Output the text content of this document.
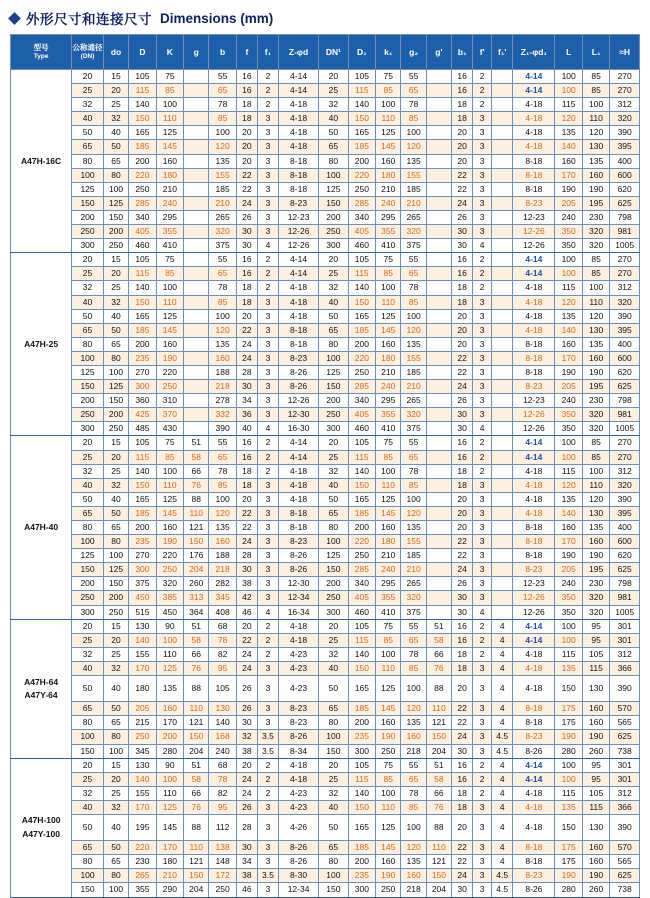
外形尺寸和连接尺寸 Dimensions (mm)
型号
Type	公称通径
(DN)	do	D	K	g	b	f	f₁	Z-φd	DN¹	D₁	k₁	g₂	g'	b₁	f'	f₁'	Z₁-φd₁	L	L₁	≈H
	20	15	105	75		55	16	2	4-14	20	105	75	55		16	2		4-14	100	85	270
	25	20	115	85		65	16	2	4-14	25	115	85	65		16	2		4-14	100	85	270
	32	25	140	100		78	18	2	4-18	32	140	100	78		18	2		4-18	115	100	312
	40	32	150	110		85	18	3	4-18	40	150	110	85		18	3		4-18	120	110	320
	50	40	165	125		100	20	3	4-18	50	165	125	100		20	3		4-18	135	120	390
	65	50	185	145		120	20	3	4-18	65	185	145	120		20	3		4-18	140	130	395
A47H-16C	80	65	200	160		135	20	3	8-18	80	200	160	135		20	3		8-18	160	135	400
	100	80	220	180		155	22	3	8-18	100	220	180	155		22	3		8-18	170	160	600
	125	100	250	210		185	22	3	8-18	125	250	210	185		22	3		8-18	190	190	620
	150	125	285	240		210	24	3	8-23	150	285	240	210		24	3		8-23	205	195	625
	200	150	340	295		265	26	3	12-23	200	340	295	265		26	3		12-23	240	230	798
	250	200	405	355		320	30	3	12-26	250	405	355	320		30	3		12-26	350	320	981
	300	250	460	410		375	30	4	12-26	300	460	410	375		30	4		12-26	350	320	1005
	20	15	105	75		55	16	2	4-14	20	105	75	55		16	2		4-14	100	85	270
	25	20	115	85		65	16	2	4-14	25	115	85	65		16	2		4-14	100	85	270
	32	25	140	100		78	18	2	4-18	32	140	100	78		18	2		4-18	115	100	312
	40	32	150	110		85	18	3	4-18	40	150	110	85		18	3		4-18	120	110	320
	50	40	165	125		100	20	3	4-18	50	165	125	100		20	3		4-18	135	120	390
	65	50	185	145		120	22	3	8-18	65	185	145	120		20	3		4-18	140	130	395
A47H-25	80	65	200	160		135	24	3	8-18	80	200	160	135		20	3		8-18	160	135	400
	100	80	235	190		160	24	3	8-23	100	220	180	155		22	3		8-18	170	160	600
	125	100	270	220		188	28	3	8-26	125	250	210	185		22	3		8-18	190	190	620
	150	125	300	250		218	30	3	8-26	150	285	240	210		24	3		8-23	205	195	625
	200	150	360	310		278	34	3	12-26	200	340	295	265		26	3		12-23	240	230	798
	250	200	425	370		332	36	3	12-30	250	405	355	320		30	3		12-26	350	320	981
	300	250	485	430		390	40	4	16-30	300	460	410	375		30	4		12-26	350	320	1005
	20	15	105	75	51	55	16	2	4-14	20	105	75	55		16	2		4-14	100	85	270
	25	20	115	85	58	65	16	2	4-14	25	115	85	65		16	2		4-14	100	85	270
	32	25	140	100	66	78	18	2	4-18	32	140	100	78		18	2		4-18	115	100	312
	40	32	150	110	76	85	18	3	4-18	40	150	110	85		18	3		4-18	120	110	320
	50	40	165	125	88	100	20	3	4-18	50	165	125	100		20	3		4-18	135	120	390
	65	50	185	145	110	120	22	3	8-18	65	185	145	120		20	3		4-18	140	130	395
A47H-40	80	65	200	160	121	135	22	3	8-18	80	200	160	135		20	3		8-18	160	135	400
	100	80	235	190	150	160	24	3	8-23	100	220	180	155		22	3		8-18	170	160	600
	125	100	270	220	176	188	28	3	8-26	125	250	210	185		22	3		8-18	190	190	620
	150	125	300	250	204	218	30	3	8-26	150	285	240	210		24	3		8-23	205	195	625
	200	150	375	320	260	282	38	3	12-30	200	340	295	265		26	3		12-23	240	230	798
	250	200	450	385	313	345	42	3	12-34	250	405	355	320		30	3		12-26	350	320	981
	300	250	515	450	364	408	46	4	16-34	300	460	410	375		30	4		12-26	350	320	1005
	20	15	130	90	51	68	20	2	4-18	20	105	75	55	51	16	2	4	4-14	100	95	301
	25	20	140	100	58	78	22	2	4-18	25	115	85	65	58	16	2	4	4-14	100	95	301
	32	25	155	110	66	82	24	2	4-23	32	140	100	78	66	18	2	4	4-18	115	105	312
	40	32	170	125	76	95	24	3	4-23	40	150	110	85	76	18	3	4	4-18	135	115	366
A47H-64
A47Y-64	50	40	180	135	88	105	26	3	4-23	50	165	125	100	88	20	3	4	4-18	150	130	390
	65	50	205	160	110	130	26	3	8-23	65	185	145	120	110	22	3	4	8-18	175	160	570
	80	65	215	170	121	140	30	3	8-23	80	200	160	135	121	22	3	4	8-18	175	160	565
	100	80	250	200	150	168	32	3.5	8-26	100	235	190	160	150	24	3	4.5	8-23	190	190	625
	150	100	345	280	204	240	38	3.5	8-34	150	300	250	218	204	30	3	4.5	8-26	280	260	738
	20	15	130	90	51	68	20	2	4-18	20	105	75	55	51	16	2	4	4-14	100	95	301
	25	20	140	100	58	78	24	2	4-18	25	115	85	65	58	16	2	4	4-14	100	95	301
	32	25	155	110	66	82	24	2	4-23	32	140	100	78	66	18	2	4	4-18	115	105	312
	40	32	170	125	76	95	26	3	4-23	40	150	110	85	76	18	3	4	4-18	135	115	366
A47H-100
A47Y-100	50	40	195	145	88	112	28	3	4-26	50	165	125	100	88	20	3	4	4-18	150	130	390
	65	50	220	170	110	138	30	3	8-26	65	185	145	120	110	22	3	4	8-18	175	160	570
	80	65	230	180	121	148	34	3	8-26	80	200	160	135	121	22	3	4	8-18	175	160	565
	100	80	265	210	150	172	38	3.5	8-30	100	235	190	160	150	24	3	4.5	8-23	190	190	625
	150	100	355	290	204	250	46	3	12-34	150	300	250	218	204	30	3	4.5	8-26	280	260	738
